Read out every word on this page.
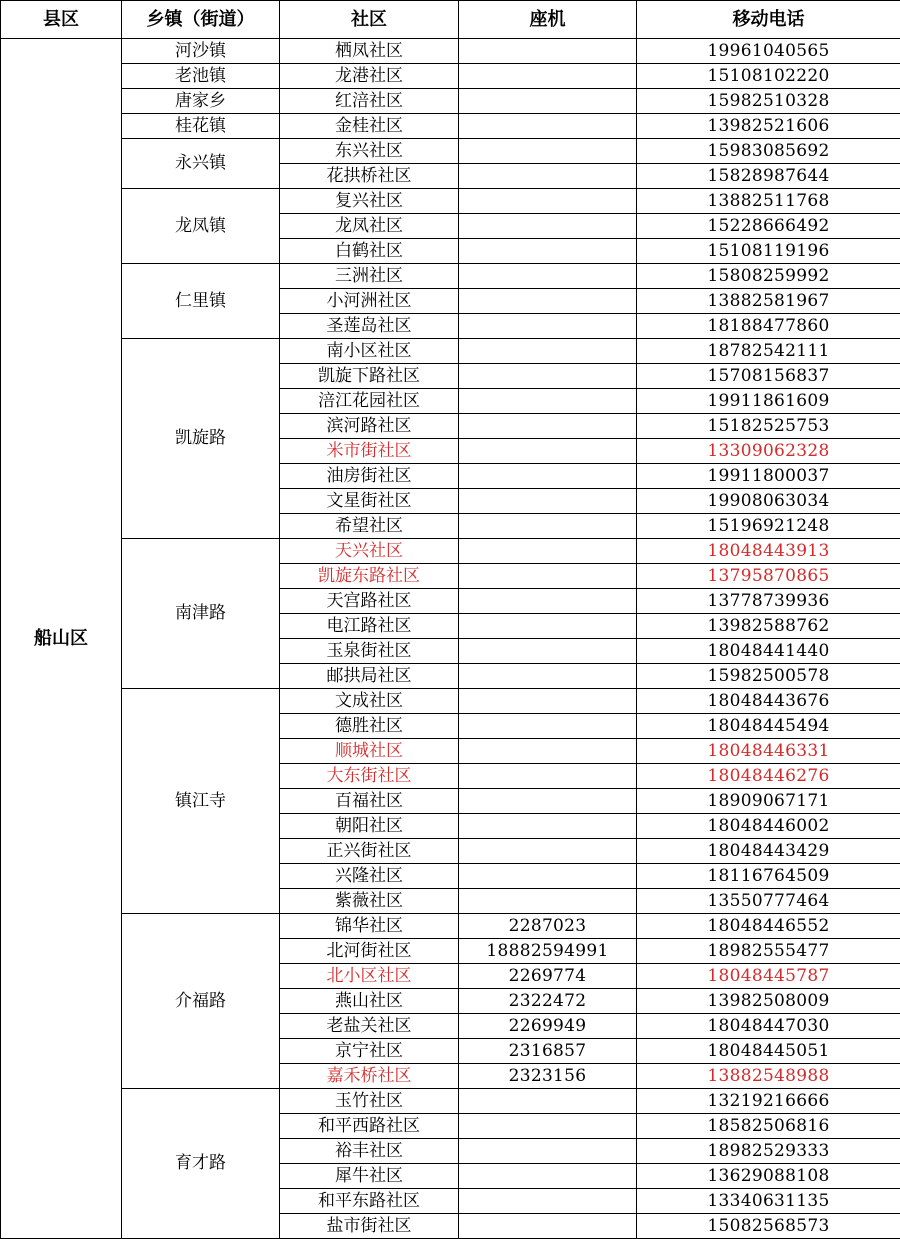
县区	乡镇（街道）	社区	座机	移动电话
船山区	河沙镇	栖凤社区		19961040565
	老池镇	龙港社区		15108102220
	唐家乡	红涪社区		15982510328
	桂花镇	金桂社区		13982521606
	永兴镇	东兴社区		15983085692
		花拱桥社区		15828987644
	龙凤镇	复兴社区		13882511768
		龙凤社区		15228666492
		白鹤社区		15108119196
	仁里镇	三洲社区		15808259992
		小河洲社区		13882581967
		圣莲岛社区		18188477860
	凯旋路	南小区社区		18782542111
		凯旋下路社区		15708156837
		涪江花园社区		19911861609
		滨河路社区		15182525753
		米市街社区		13309062328
		油房街社区		19911800037
		文星街社区		19908063034
		希望社区		15196921248
	南津路	天兴社区		18048443913
		凯旋东路社区		13795870865
		天宫路社区		13778739936
		电江路社区		13982588762
		玉泉街社区		18048441440
		邮拱局社区		15982500578
	镇江寺	文成社区		18048443676
		德胜社区		18048445494
		顺城社区		18048446331
		大东街社区		18048446276
		百福社区		18909067171
		朝阳社区		18048446002
		正兴街社区		18048443429
		兴隆社区		18116764509
		紫薇社区		13550777464
	介福路	锦华社区	2287023	18048446552
		北河街社区	18882594991	18982555477
		北小区社区	2269774	18048445787
		燕山社区	2322472	13982508009
		老盐关社区	2269949	18048447030
		京宁社区	2316857	18048445051
		嘉禾桥社区	2323156	13882548988
	育才路	玉竹社区		13219216666
		和平西路社区		18582506816
		裕丰社区		18982529333
		犀牛社区		13629088108
		和平东路社区		13340631135
		盐市街社区		15082568573
